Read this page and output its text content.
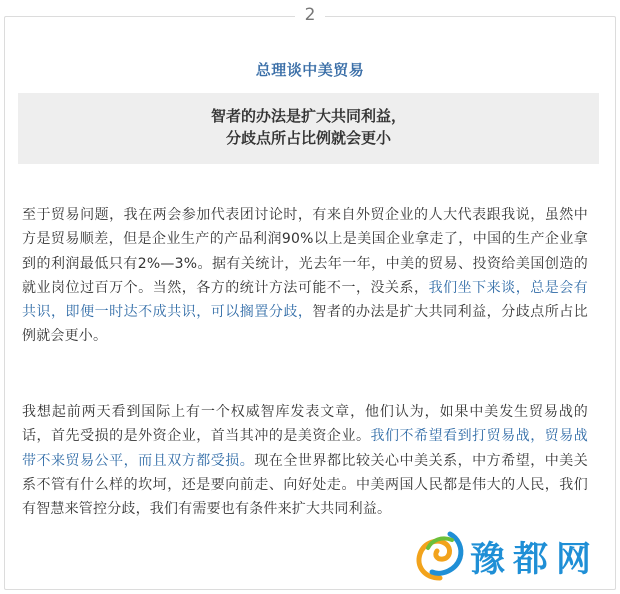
2
总理谈中美贸易
智者的办法是扩大共同利益，
分歧点所占比例就会更小

至于贸易问题，我在两会参加代表团讨论时，有来自外贸企业的人大代表跟我说，虽然中方是贸易顺差，但是企业生产的产品利润90%以上是美国企业拿走了，中国的生产企业拿到的利润最低只有2%—3%。据有关统计，光去年一年，中美的贸易、投资给美国创造的就业岗位过百万个。当然，各方的统计方法可能不一，没关系，我们坐下来谈，总是会有共识，即便一时达不成共识，可以搁置分歧，智者的办法是扩大共同利益，分歧点所占比例就会更小。

我想起前两天看到国际上有一个权威智库发表文章，他们认为，如果中美发生贸易战的话，首先受损的是外资企业，首当其冲的是美资企业。我们不希望看到打贸易战，贸易战带不来贸易公平，而且双方都受损。现在全世界都比较关心中美关系，中方希望，中美关系不管有什么样的坎坷，还是要向前走、向好处走。中美两国人民都是伟大的人民，我们有智慧来管控分歧，我们有需要也有条件来扩大共同利益。

豫都网
